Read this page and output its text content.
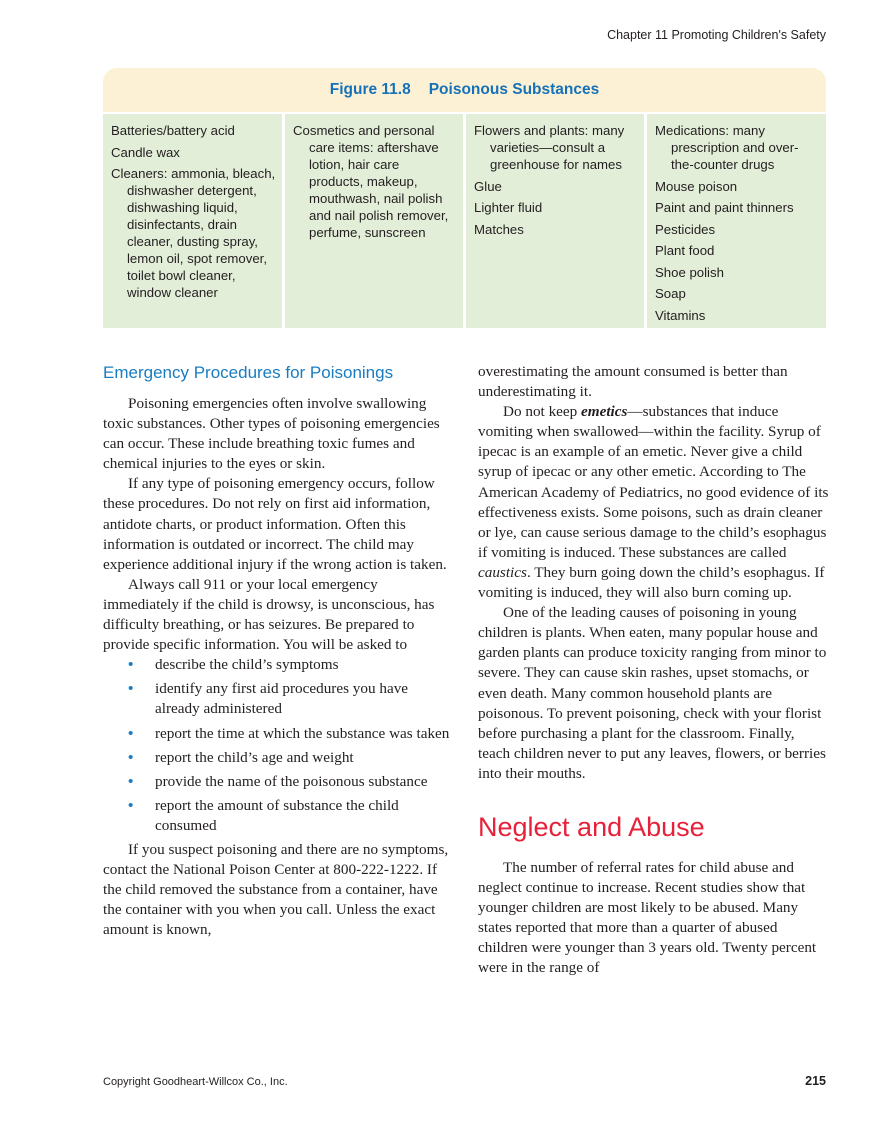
Chapter 11 Promoting Children's Safety
Figure 11.8 Poisonous Substances

Batteries/battery acid

Candle wax

Cleaners: ammonia, bleach, dishwasher detergent, dishwashing liquid, disinfectants, drain cleaner, dusting spray, lemon oil, spot remover, toilet bowl cleaner, window cleaner

Cosmetics and personal care items: aftershave lotion, hair care products, makeup, mouthwash, nail polish and nail polish remover, perfume, sunscreen

Flowers and plants: many varieties—consult a greenhouse for names

Glue

Lighter fluid

Matches

Medications: many prescription and over-the-counter drugs

Mouse poison

Paint and paint thinners

Pesticides

Plant food

Shoe polish

Soap

Vitamins

Emergency Procedures for Poisonings

Poisoning emergencies often involve swallowing toxic substances. Other types of poisoning emergencies can occur. These include breathing toxic fumes and chemical injuries to the eyes or skin.

If any type of poisoning emergency occurs, follow these procedures. Do not rely on first aid information, antidote charts, or product information. Often this information is outdated or incorrect. The child may experience additional injury if the wrong action is taken.

Always call 911 or your local emergency immediately if the child is drowsy, is unconscious, has difficulty breathing, or has seizures. Be prepared to provide specific information. You will be asked to

• describe the child’s symptoms
• identify any first aid procedures you have already administered
• report the time at which the substance was taken
• report the child’s age and weight
• provide the name of the poisonous substance
• report the amount of substance the child consumed

If you suspect poisoning and there are no symptoms, contact the National Poison Center at 800-222-1222. If the child removed the substance from a container, have the container with you when you call. Unless the exact amount is known,

overestimating the amount consumed is better than underestimating it.

Do not keep emetics—substances that induce vomiting when swallowed—within the facility. Syrup of ipecac is an example of an emetic. Never give a child syrup of ipecac or any other emetic. According to The American Academy of Pediatrics, no good evidence of its effectiveness exists. Some poisons, such as drain cleaner or lye, can cause serious damage to the child’s esophagus if vomiting is induced. These substances are called caustics. They burn going down the child’s esophagus. If vomiting is induced, they will also burn coming up.

One of the leading causes of poisoning in young children is plants. When eaten, many popular house and garden plants can produce toxicity ranging from minor to severe. They can cause skin rashes, upset stomachs, or even death. Many common household plants are poisonous. To prevent poisoning, check with your florist before purchasing a plant for the classroom. Finally, teach children never to put any leaves, flowers, or berries into their mouths.

Neglect and Abuse

The number of referral rates for child abuse and neglect continue to increase. Recent studies show that younger children are most likely to be abused. Many states reported that more than a quarter of abused children were younger than 3 years old. Twenty percent were in the range of

Copyright Goodheart-Willcox Co., Inc.	215
